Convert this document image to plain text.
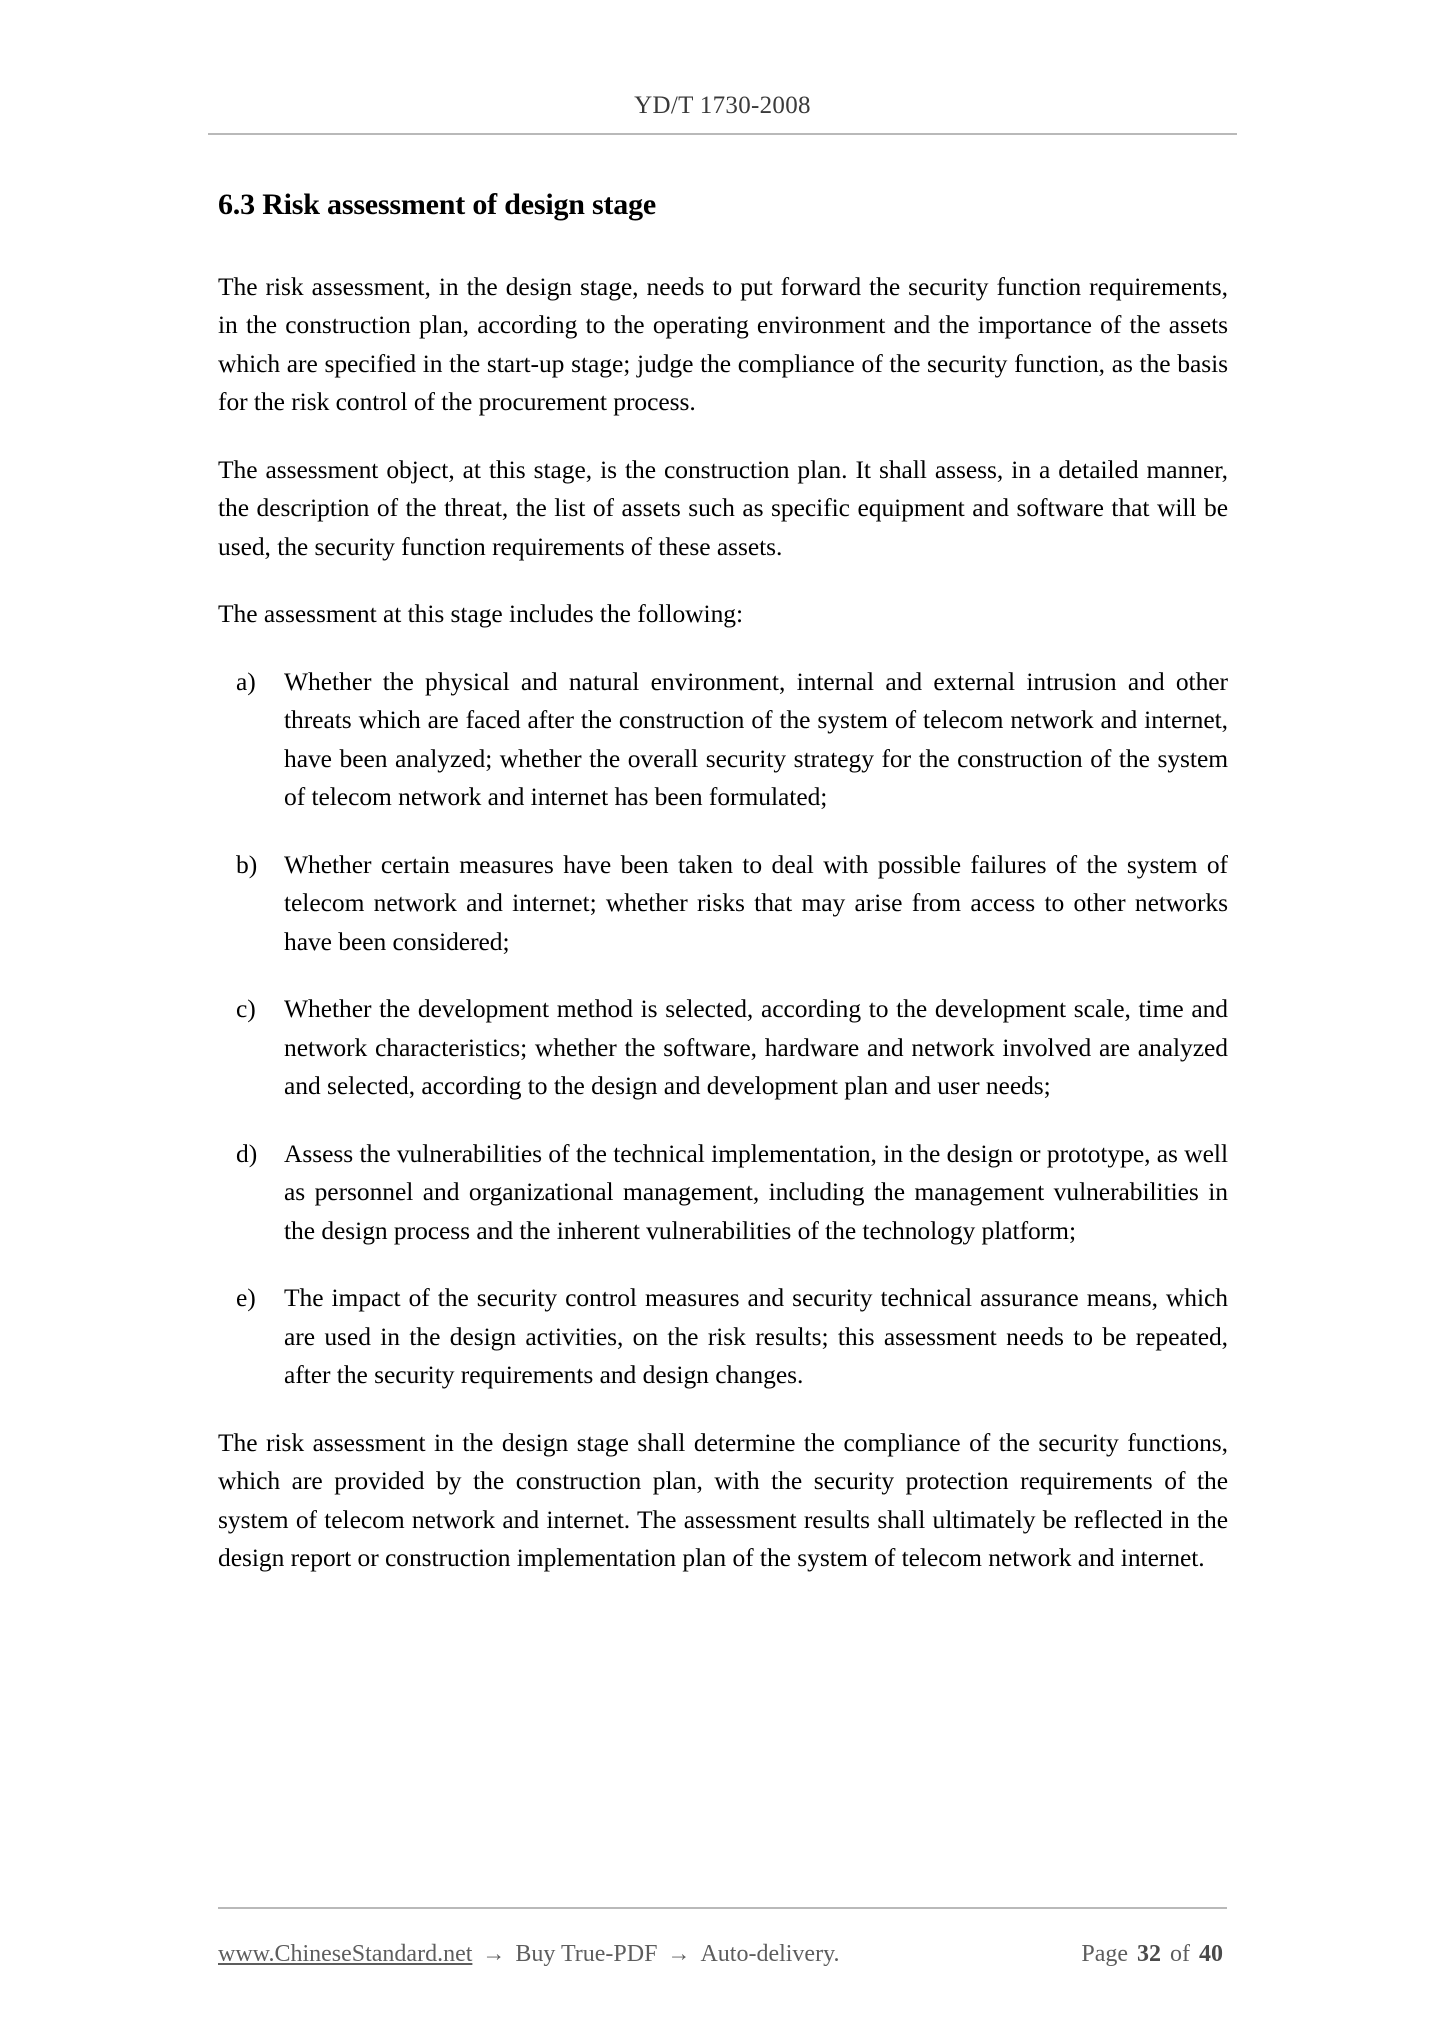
YD/T 1730-2008
6.3 Risk assessment of design stage

The risk assessment, in the design stage, needs to put forward the security function requirements, in the construction plan, according to the operating environment and the importance of the assets which are specified in the start-up stage; judge the compliance of the security function, as the basis for the risk control of the procurement process.

The assessment object, at this stage, is the construction plan. It shall assess, in a detailed manner, the description of the threat, the list of assets such as specific equipment and software that will be used, the security function requirements of these assets.

The assessment at this stage includes the following:

a)	Whether the physical and natural environment, internal and external intrusion and other threats which are faced after the construction of the system of telecom network and internet, have been analyzed; whether the overall security strategy for the construction of the system of telecom network and internet has been formulated;
b)	Whether certain measures have been taken to deal with possible failures of the system of telecom network and internet; whether risks that may arise from access to other networks have been considered;
c)	Whether the development method is selected, according to the development scale, time and network characteristics; whether the software, hardware and network involved are analyzed and selected, according to the design and development plan and user needs;
d)	Assess the vulnerabilities of the technical implementation, in the design or prototype, as well as personnel and organizational management, including the management vulnerabilities in the design process and the inherent vulnerabilities of the technology platform;
e)	The impact of the security control measures and security technical assurance means, which are used in the design activities, on the risk results; this assessment needs to be repeated, after the security requirements and design changes.

The risk assessment in the design stage shall determine the compliance of the security functions, which are provided by the construction plan, with the security protection requirements of the system of telecom network and internet. The assessment results shall ultimately be reflected in the design report or construction implementation plan of the system of telecom network and internet.

www.ChineseStandard.net → Buy True-PDF → Auto-delivery.	Page 32 of 40
